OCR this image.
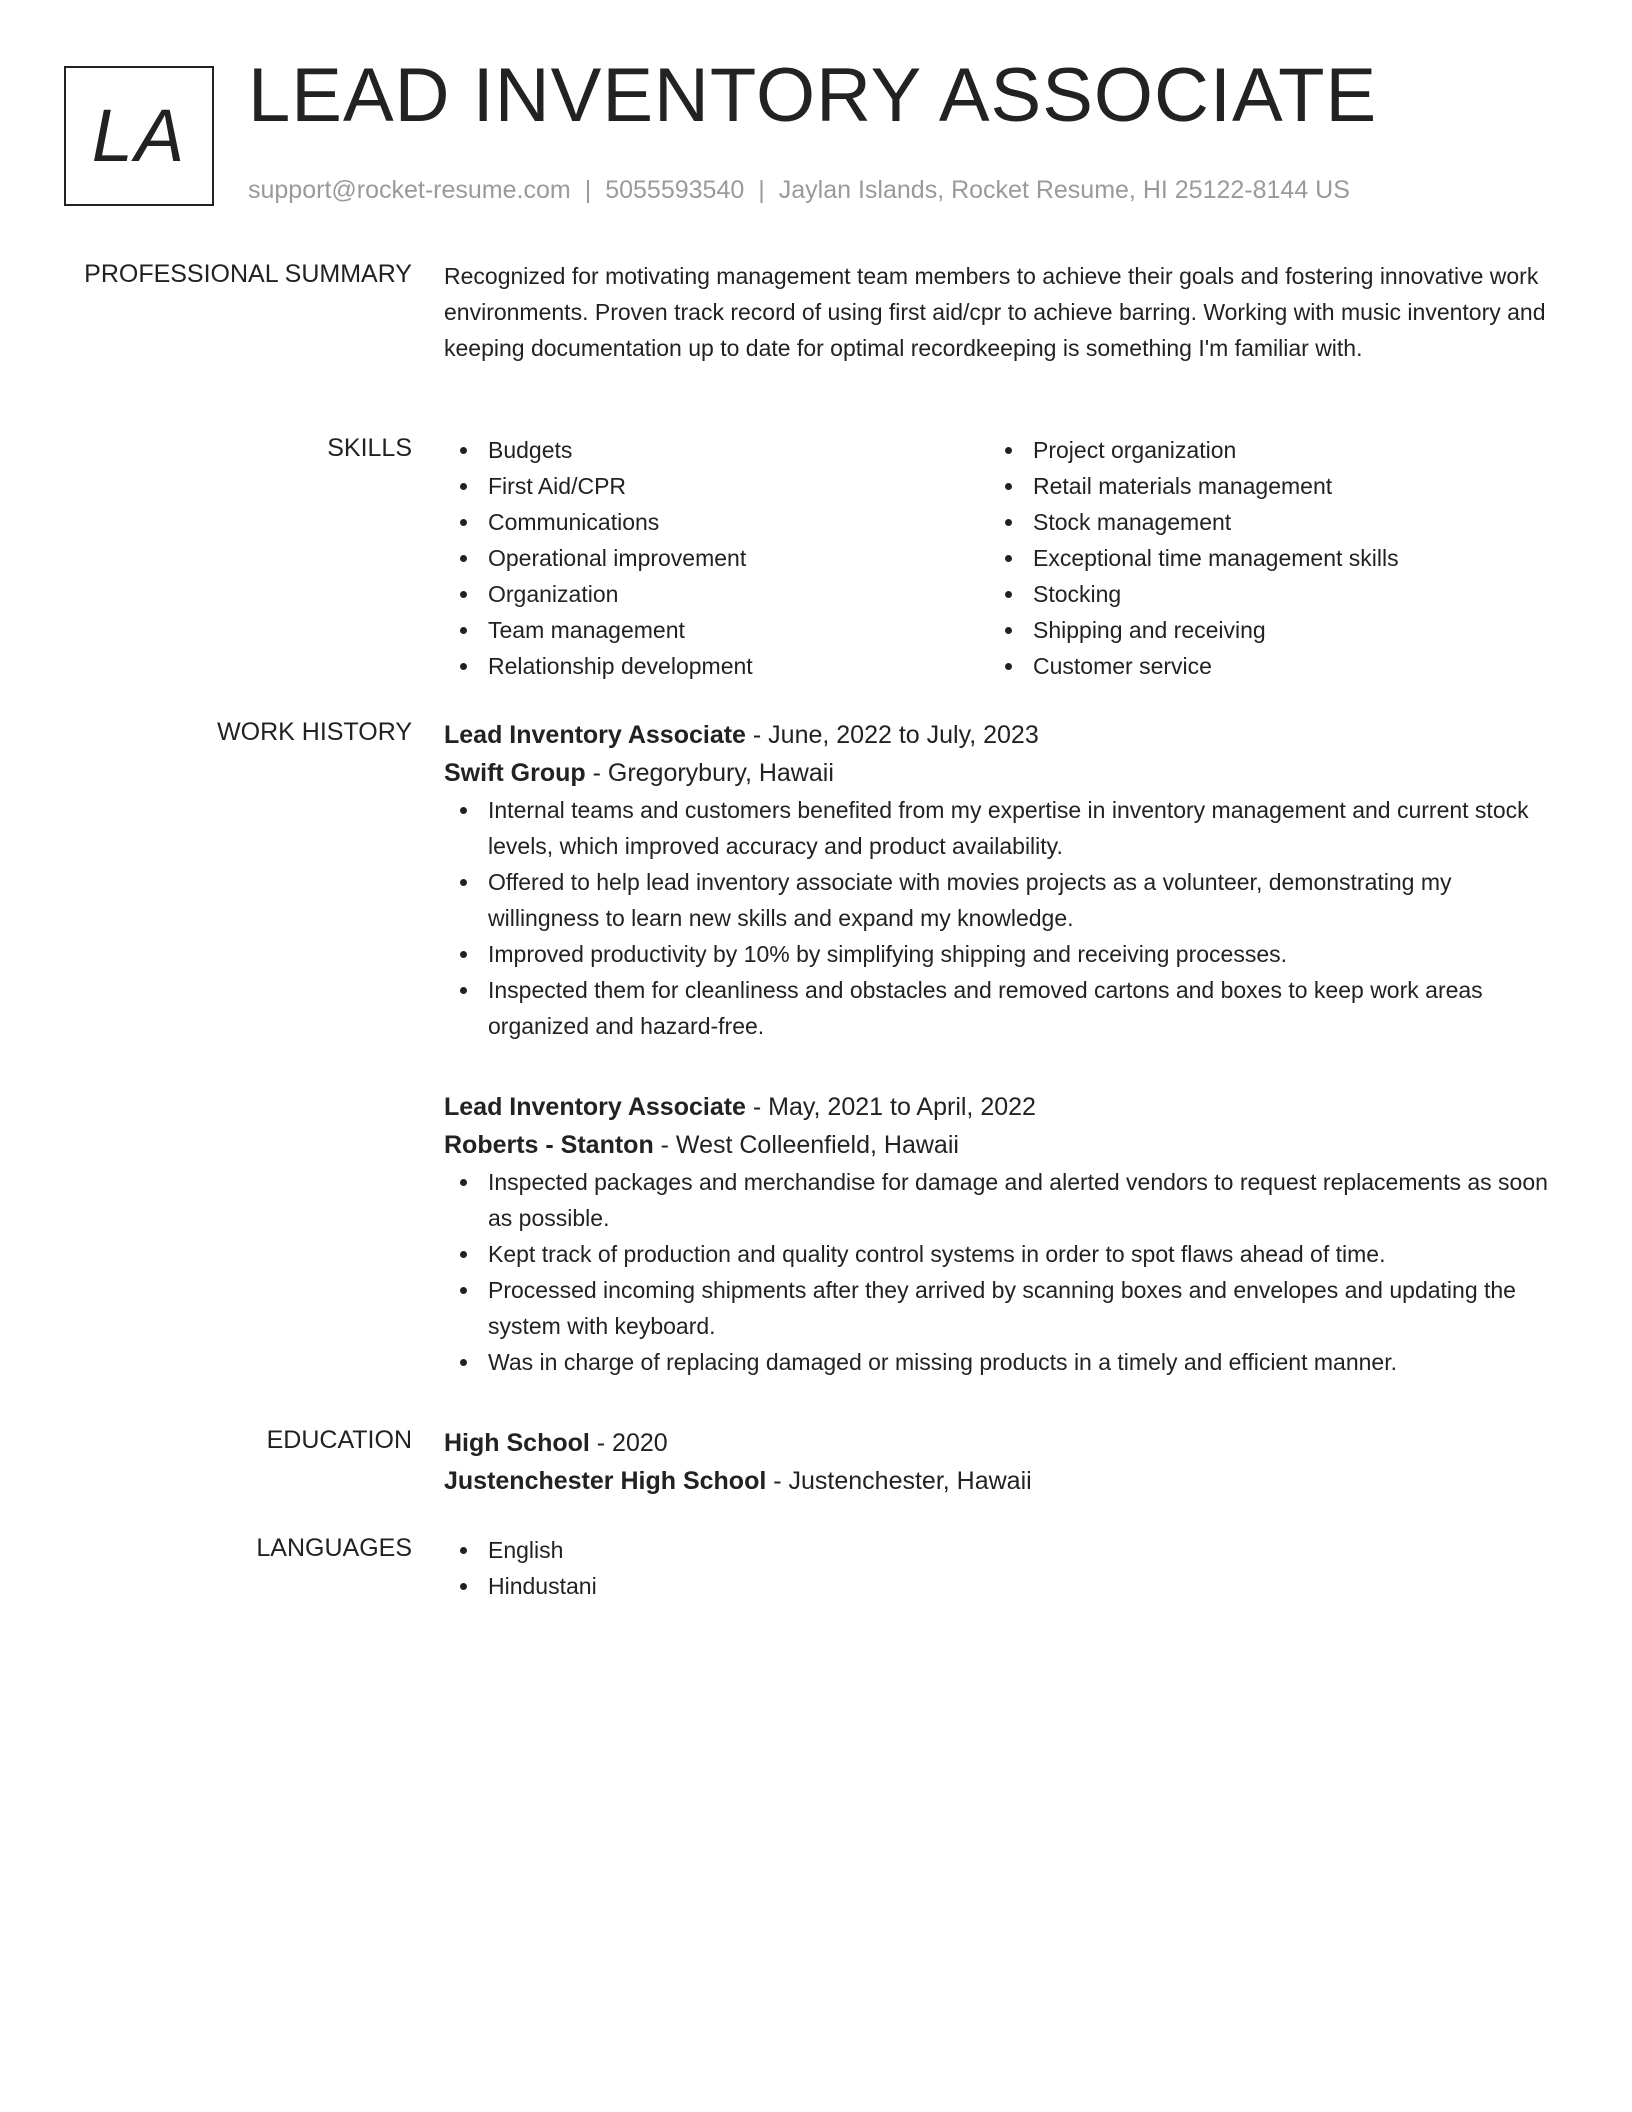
LA LEAD INVENTORY ASSOCIATE
support@rocket-resume.com | 5055593540 | Jaylan Islands, Rocket Resume, HI 25122-8144 US
PROFESSIONAL SUMMARY Recognized for motivating management team members to achieve their goals and fostering innovative work environments. Proven track record of using first aid/cpr to achieve barring. Working with music inventory and keeping documentation up to date for optimal recordkeeping is something I'm familiar with.

SKILLS	Budgets
First Aid/CPR
Communications
Operational improvement
Organization
Team management
Relationship development
Project organization
Retail materials management
Stock management
Exceptional time management skills
Stocking
Shipping and receiving
Customer service
WORK HISTORY Lead Inventory Associate - June, 2022 to July, 2023
Swift Group - Gregorybury, Hawaii
Internal teams and customers benefited from my expertise in inventory management and current stock levels, which improved accuracy and product availability.
Offered to help lead inventory associate with movies projects as a volunteer, demonstrating my willingness to learn new skills and expand my knowledge.
Improved productivity by 10% by simplifying shipping and receiving processes.
Inspected them for cleanliness and obstacles and removed cartons and boxes to keep work areas organized and hazard-free.
Lead Inventory Associate - May, 2021 to April, 2022
Roberts - Stanton - West Colleenfield, Hawaii
Inspected packages and merchandise for damage and alerted vendors to request replacements as soon as possible.
Kept track of production and quality control systems in order to spot flaws ahead of time.
Processed incoming shipments after they arrived by scanning boxes and envelopes and updating the system with keyboard.
Was in charge of replacing damaged or missing products in a timely and efficient manner.
EDUCATION High School - 2020
Justenchester High School - Justenchester, Hawaii
LANGUAGES	English
Hindustani
